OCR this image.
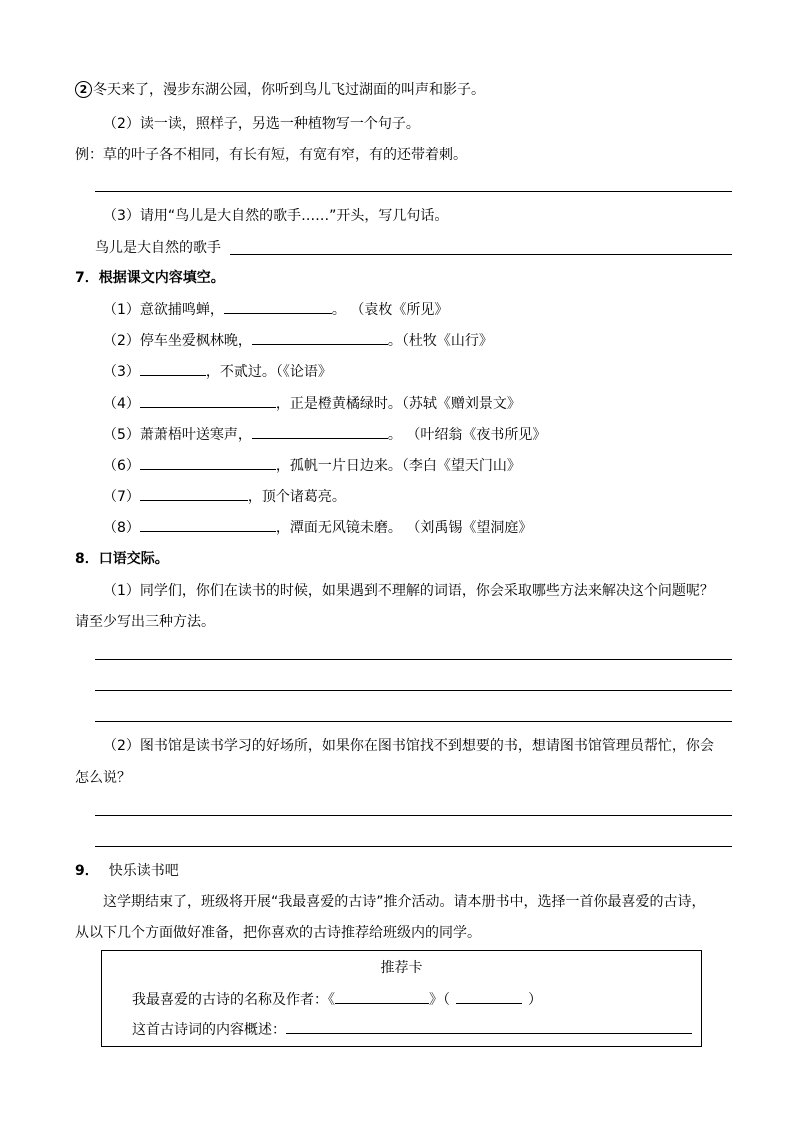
2 冬天来了，漫步东湖公园，你听到鸟儿飞过湖面的叫声和影子。
（2）读一读，照样子，另选一种植物写一个句子。
例：草的叶子各不相同，有长有短，有宽有窄，有的还带着刺。
（3）请用“鸟儿是大自然的歌手……”开头，写几句话。
鸟儿是大自然的歌手
7．根据课文内容填空。
（1）意欲捕鸣蝉，	。 （袁枚《所见》
（2）停车坐爱枫林晚，	。（杜牧《山行》
（3）	，不贰过。（《论语》
（4）	，正是橙黄橘绿时。（苏轼《赠刘景文》
（5）萧萧梧叶送寒声，	。 （叶绍翁《夜书所见》
（6）	，孤帆一片日边来。（李白《望天门山》
（7）	，顶个诸葛亮。
（8）	，潭面无风镜未磨。 （刘禹锡《望洞庭》
8．口语交际。
（1）同学们，你们在读书的时候，如果遇到不理解的词语，你会采取哪些方法来解决这个问题呢？
请至少写出三种方法。
（2）图书馆是读书学习的好场所，如果你在图书馆找不到想要的书，想请图书馆管理员帮忙，你会
怎么说？
9． 快乐读书吧
这学期结束了，班级将开展“我最喜爱的古诗”推介活动。请本册书中，选择一首你最喜爱的古诗，
从以下几个方面做好准备，把你喜欢的古诗推荐给班级内的同学。
推荐卡
我最喜爱的古诗的名称及作者：《	》（	）
这首古诗词的内容概述：
